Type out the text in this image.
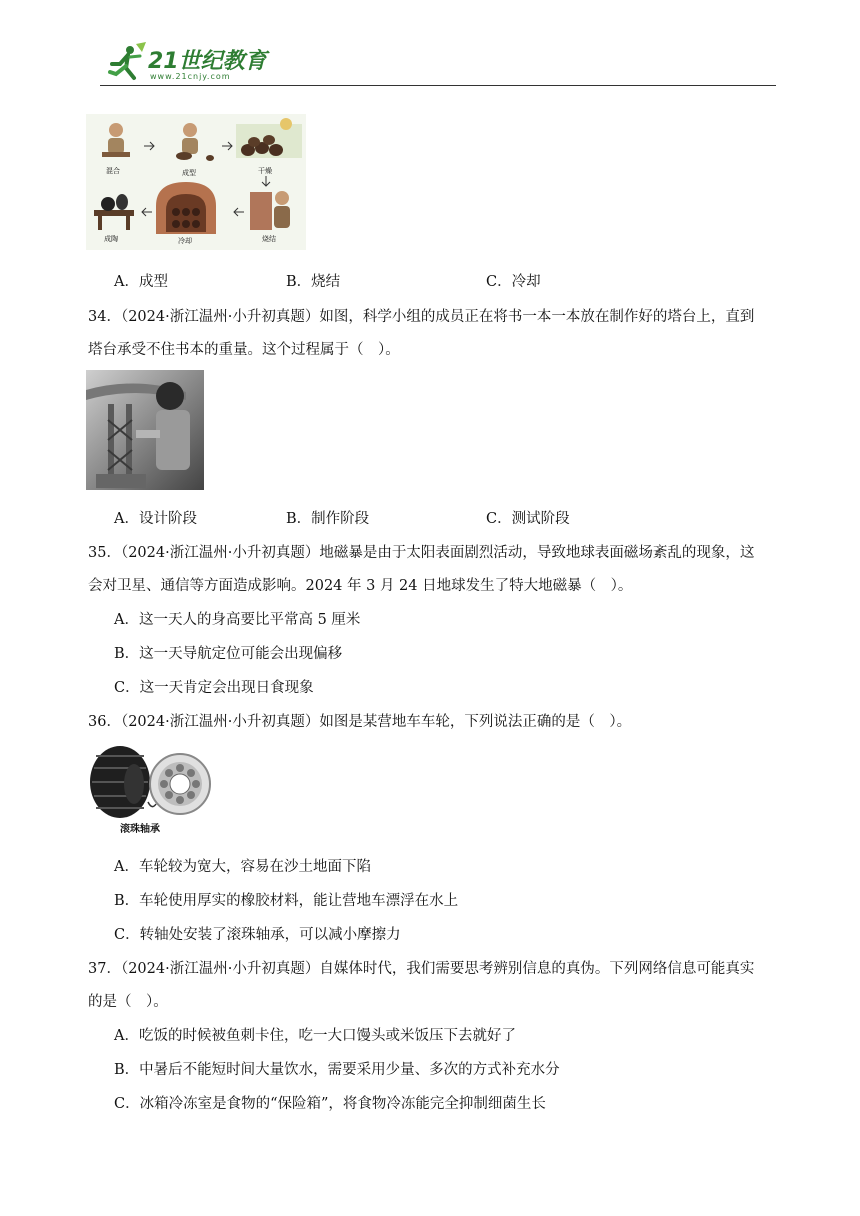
21世纪教育
www.21cnjy.com
混合	成型	干燥
烧结
冷却
成陶
A．成型	B．烧结	C．冷却
34．（2024·浙江温州·小升初真题）如图，科学小组的成员正在将书一本一本放在制作好的塔台上，直到
塔台承受不住书本的重量。这个过程属于（　）。
A．设计阶段	B．制作阶段	C．测试阶段
35．（2024·浙江温州·小升初真题）地磁暴是由于太阳表面剧烈活动，导致地球表面磁场紊乱的现象，这
会对卫星、通信等方面造成影响。2024 年 3 月 24 日地球发生了特大地磁暴（　）。
A．这一天人的身高要比平常高 5 厘米
B．这一天导航定位可能会出现偏移
C．这一天肯定会出现日食现象
36．（2024·浙江温州·小升初真题）如图是某营地车车轮，下列说法正确的是（　）。
滚珠轴承
A．车轮较为宽大，容易在沙土地面下陷
B．车轮使用厚实的橡胶材料，能让营地车漂浮在水上
C．转轴处安装了滚珠轴承，可以减小摩擦力
37．（2024·浙江温州·小升初真题）自媒体时代，我们需要思考辨别信息的真伪。下列网络信息可能真实
的是（　）。
A．吃饭的时候被鱼刺卡住，吃一大口馒头或米饭压下去就好了
B．中暑后不能短时间大量饮水，需要采用少量、多次的方式补充水分
C．冰箱冷冻室是食物的“保险箱”，将食物冷冻能完全抑制细菌生长
